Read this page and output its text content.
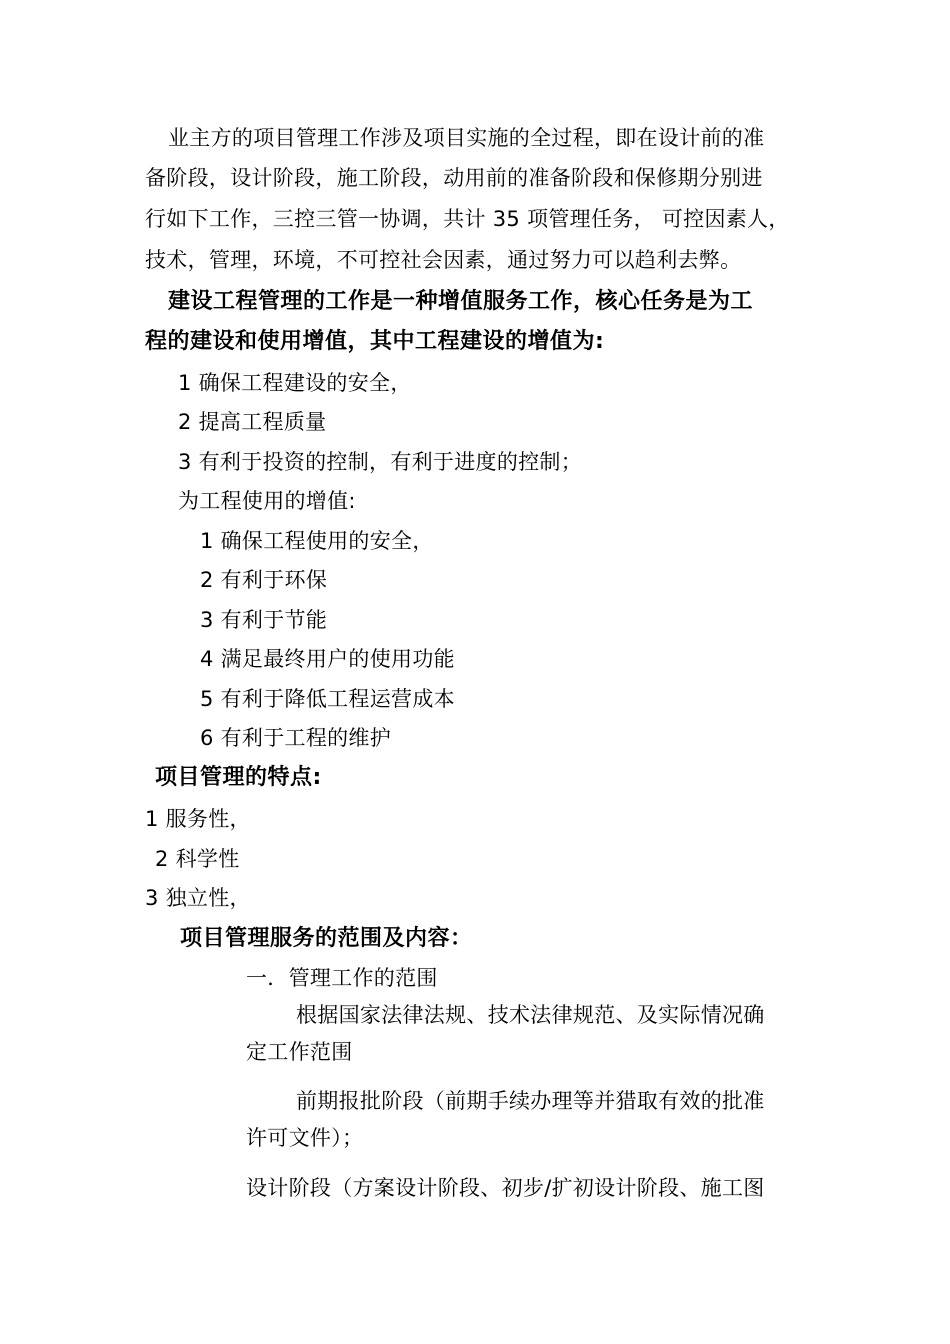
业主方的项目管理工作涉及项目实施的全过程，即在设计前的准
备阶段，设计阶段，施工阶段，动用前的准备阶段和保修期分别进
行如下工作，三控三管一协调，共计 35 项管理任务， 可控因素人，
技术，管理，环境，不可控社会因素，通过努力可以趋利去弊。
建设工程管理的工作是一种增值服务工作，核心任务是为工
程的建设和使用增值，其中工程建设的增值为:
1 确保工程建设的安全，
2 提高工程质量
3 有利于投资的控制，有利于进度的控制；
为工程使用的增值:
1 确保工程使用的安全，
2 有利于环保
3 有利于节能
4 满足最终用户的使用功能
5 有利于降低工程运营成本
6 有利于工程的维护
项目管理的特点:
1 服务性，
2 科学性
3 独立性，
项目管理服务的范围及内容：
一．管理工作的范围
根据国家法律法规、技术法律规范、及实际情况确
定工作范围
前期报批阶段（前期手续办理等并猎取有效的批准
许可文件）；
设计阶段（方案设计阶段、初步/扩初设计阶段、施工图
